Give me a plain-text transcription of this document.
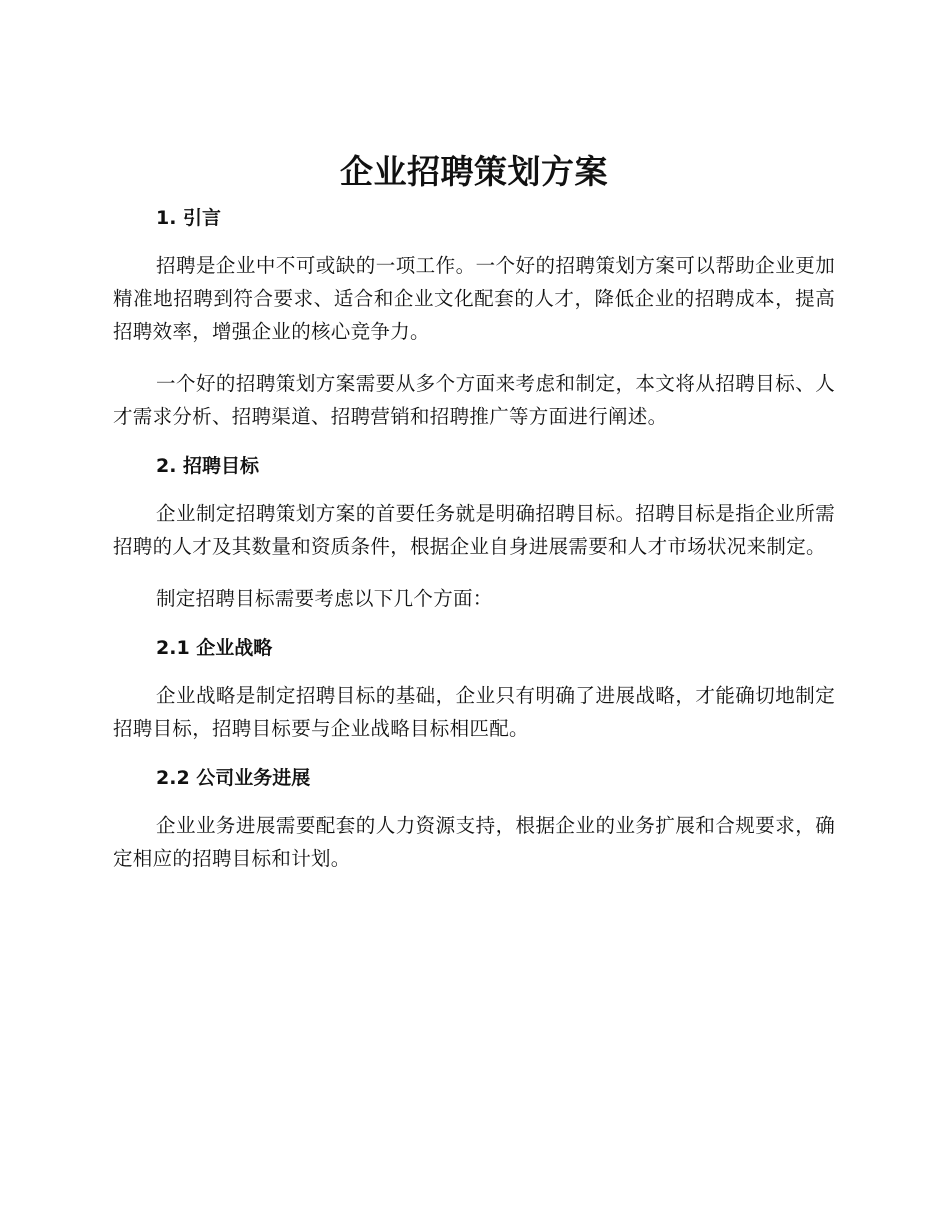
企业招聘策划方案
1. 引言

招聘是企业中不可或缺的一项工作。一个好的招聘策划方案可以帮助企业更加精准地招聘到符合要求、适合和企业文化配套的人才，降低企业的招聘成本，提高招聘效率，增强企业的核心竞争力。

一个好的招聘策划方案需要从多个方面来考虑和制定，本文将从招聘目标、人才需求分析、招聘渠道、招聘营销和招聘推广等方面进行阐述。

2. 招聘目标

企业制定招聘策划方案的首要任务就是明确招聘目标。招聘目标是指企业所需招聘的人才及其数量和资质条件，根据企业自身进展需要和人才市场状况来制定。

制定招聘目标需要考虑以下几个方面：

2.1 企业战略

企业战略是制定招聘目标的基础，企业只有明确了进展战略，才能确切地制定招聘目标，招聘目标要与企业战略目标相匹配。

2.2 公司业务进展

企业业务进展需要配套的人力资源支持，根据企业的业务扩展和合规要求，确定相应的招聘目标和计划。
